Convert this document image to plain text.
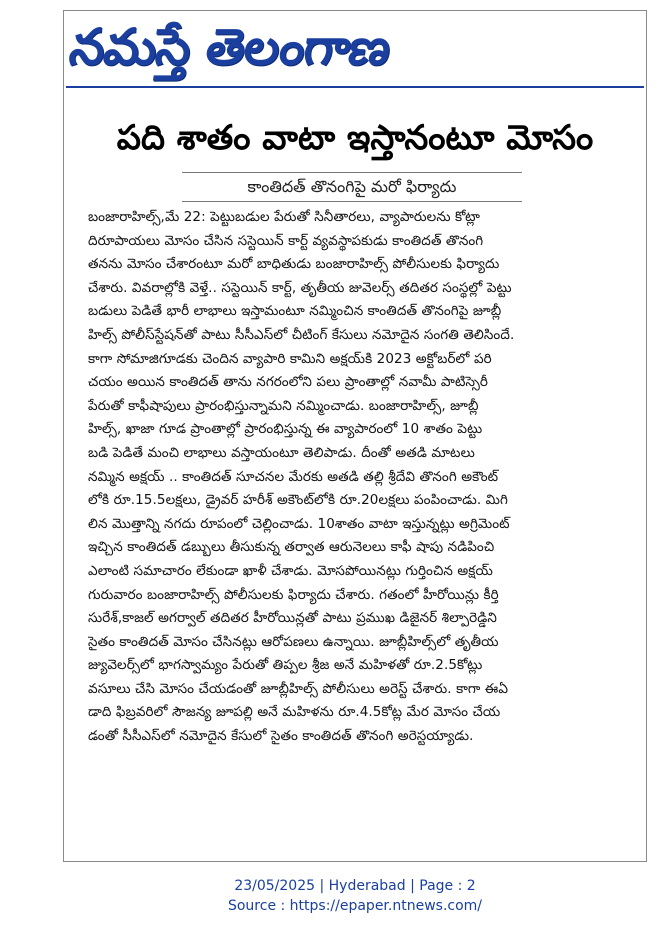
నమస్తే తెలంగాణ
పది శాతం వాటా ఇస్తానంటూ మోసం
కాంతిదత్ తొనంగిపై మరో ఫిర్యాదు
బంజారాహిల్స్,మే 22: పెట్టుబడుల పేరుతో సినీతారలు, వ్యాపారులను కోట్లా
దిరూపాయలు మోసం చేసిన సస్టెయిన్ కార్ట్ వ్యవస్థాపకుడు కాంతిదత్ తొనంగి
తనను మోసం చేశారంటూ మరో బాధితుడు బంజారాహిల్స్ పోలీసులకు ఫిర్యాదు
చేశారు. వివరాల్లోకి వెళ్తే.. సస్టెయిన్ కార్ట్, తృతీయ జువెలర్స్ తదితర సంస్థల్లో పెట్టు
బడులు పెడితే భారీ లాభాలు ఇస్తామంటూ నమ్మించిన కాంతిదత్ తొనంగిపై జూబ్లీ
హిల్స్ పోలీస్‌స్టేషన్‌తో పాటు సీసీఎస్‌లో చీటింగ్ కేసులు నమోదైన సంగతి తెలిసిందే.
కాగా సోమాజిగూడకు చెందిన వ్యాపారి కామిని అక్షయ్‌కి 2023 అక్టోబర్‌లో పరి
చయం అయిన కాంతిదత్ తాను నగరంలోని పలు ప్రాంతాల్లో నవామీ పాటిస్సెరీ
పేరుతో కాఫీషాపులు ప్రారంభిస్తున్నామని నమ్మించాడు. బంజారాహిల్స్, జూబ్లీ
హిల్స్, ఖాజా గూడ ప్రాంతాల్లో ప్రారంభిస్తున్న ఈ వ్యాపారంలో 10 శాతం పెట్టు
బడి పెడితే మంచి లాభాలు వస్తాయంటూ తెలిపాడు. దీంతో అతడి మాటలు
నమ్మిన అక్షయ్ .. కాంతిదత్ సూచనల మేరకు అతడి తల్లి శ్రీదేవి తొనంగి అకౌంట్
లోకి రూ.15.5లక్షలు, డ్రైవర్ హరీశ్ అకౌంట్‌లోకి రూ.20లక్షలు పంపించాడు. మిగి
లిన మొత్తాన్ని నగదు రూపంలో చెల్లించాడు. 10శాతం వాటా ఇస్తున్నట్లు అగ్రిమెంట్
ఇచ్చిన కాంతిదత్ డబ్బులు తీసుకున్న తర్వాత ఆరునెలలు కాఫీ షాపు నడిపించి
ఎలాంటి సమాచారం లేకుండా ఖాళీ చేశాడు. మోసపోయినట్లు గుర్తించిన అక్షయ్
గురువారం బంజారాహిల్స్ పోలీసులకు ఫిర్యాదు చేశారు. గతంలో హీరోయిన్లు కీర్తి
సురేశ్,కాజల్ అగర్వాల్ తదితర హీరోయిన్లతో పాటు ప్రముఖ డిజైనర్ శిల్పారెడ్డిని
సైతం కాంతిదత్ మోసం చేసినట్లు ఆరోపణలు ఉన్నాయి. జూబ్లీహిల్స్‌లో తృతీయ
జ్యువెలర్స్‌లో భాగస్వామ్యం పేరుతో తిప్పల శ్రీజ అనే మహిళతో రూ.2.5కోట్లు
వసూలు చేసి మోసం చేయడంతో జూబ్లీహిల్స్ పోలీసులు అరెస్ట్ చేశారు. కాగా ఈఏ
డాది ఫిబ్రవరిలో సౌజన్య జూపల్లి అనే మహిళను రూ.4.5కోట్ల మేర మోసం చేయ
డంతో సీసీఎస్‌లో నమోదైన కేసులో సైతం కాంతిదత్ తొనంగి అరెస్టయ్యాడు.
23/05/2025 | Hyderabad | Page : 2
Source : https://epaper.ntnews.com/
